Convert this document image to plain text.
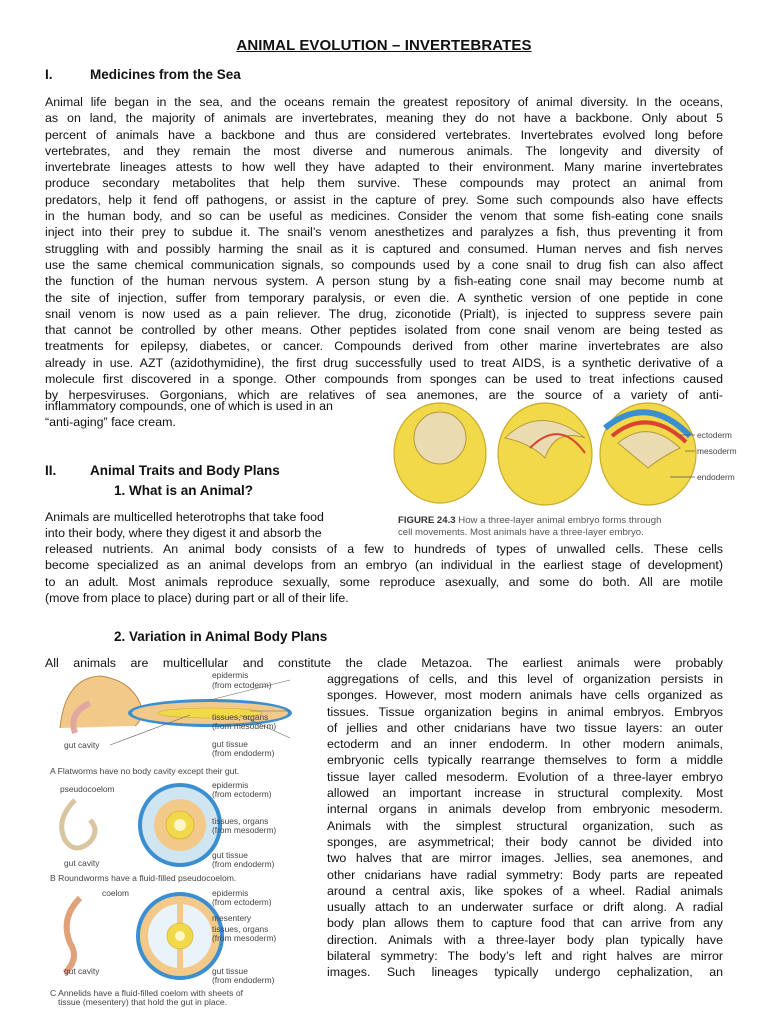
ANIMAL EVOLUTION – INVERTEBRATES
I.	Medicines from the Sea
Animal life began in the sea, and the oceans remain the greatest repository of animal diversity. In the oceans,
as on land, the majority of animals are invertebrates, meaning they do not have a backbone. Only about 5
percent of animals have a backbone and thus are considered vertebrates. Invertebrates evolved long before
vertebrates, and they remain the most diverse and numerous animals. The longevity and diversity of
invertebrate lineages attests to how well they have adapted to their environment. Many marine invertebrates
produce secondary metabolites that help them survive. These compounds may protect an animal from
predators, help it fend off pathogens, or assist in the capture of prey. Some such compounds also have effects
in the human body, and so can be useful as medicines. Consider the venom that some fish-eating cone snails
inject into their prey to subdue it. The snail’s venom anesthetizes and paralyzes a fish, thus preventing it from
struggling with and possibly harming the snail as it is captured and consumed. Human nerves and fish nerves
use the same chemical communication signals, so compounds used by a cone snail to drug fish can also affect
the function of the human nervous system. A person stung by a fish-eating cone snail may become numb at
the site of injection, suffer from temporary paralysis, or even die. A synthetic version of one peptide in cone
snail venom is now used as a pain reliever. The drug, ziconotide (Prialt), is injected to suppress severe pain
that cannot be controlled by other means. Other peptides isolated from cone snail venom are being tested as
treatments for epilepsy, diabetes, or cancer. Compounds derived from other marine invertebrates are also
already in use. AZT (azidothymidine), the first drug successfully used to treat AIDS, is a synthetic derivative of a
molecule first discovered in a sponge. Other compounds from sponges can be used to treat infections caused
by herpesviruses. Gorgonians, which are relatives of sea anemones, are the source of a variety of anti-
inflammatory compounds, one of which is used in an
“anti-aging” face cream.
ectoderm
mesoderm
endoderm
FIGURE 24.3 How a three-layer animal embryo forms through
cell movements. Most animals have a three-layer embryo.
II. Animal Traits and Body Plans
1. What is an Animal?
Animals are multicelled heterotrophs that take food
into their body, where they digest it and absorb the
released nutrients. An animal body consists of a few to hundreds of types of unwalled cells. These cells
become specialized as an animal develops from an embryo (an individual in the earliest stage of development)
to an adult. Most animals reproduce sexually, some reproduce asexually, and some do both. All are motile
(move from place to place) during part or all of their life.
2. Variation in Animal Body Plans
All animals are multicellular and constitute the clade Metazoa. The earliest animals were probably
aggregations of cells, and this level of organization persists in
sponges. However, most modern animals have cells organized as
tissues. Tissue organization begins in animal embryos. Embryos
of jellies and other cnidarians have two tissue layers: an outer
ectoderm and an inner endoderm. In other modern animals,
embryonic cells typically rearrange themselves to form a middle
tissue layer called mesoderm. Evolution of a three-layer embryo
allowed an important increase in structural complexity. Most
internal organs in animals develop from embryonic mesoderm.
Animals with the simplest structural organization, such as
sponges, are asymmetrical; their body cannot be divided into
two halves that are mirror images. Jellies, sea anemones, and
other cnidarians have radial symmetry: Body parts are repeated
around a central axis, like spokes of a wheel. Radial animals
usually attach to an underwater surface or drift along. A radial
body plan allows them to capture food that can arrive from any
direction. Animals with a three-layer body plan typically have
bilateral symmetry: The body’s left and right halves are mirror
images. Such lineages typically undergo cephalization, an
epidermis
(from ectoderm)
tissues, organs
(from mesoderm)
gut tissue
(from endoderm)
gut cavity
A Flatworms have no body cavity except their gut.
pseudocoelom	epidermis
(from ectoderm)
tissues, organs
(from mesoderm)
gut tissue
(from endoderm)
gut cavity
B Roundworms have a fluid-filled pseudocoelom.
coelom	epidermis
(from ectoderm)
mesentery
tissues, organs
(from mesoderm)
gut cavity	gut tissue
(from endoderm)
C Annelids have a fluid-filled coelom with sheets of
tissue (mesentery) that hold the gut in place.
